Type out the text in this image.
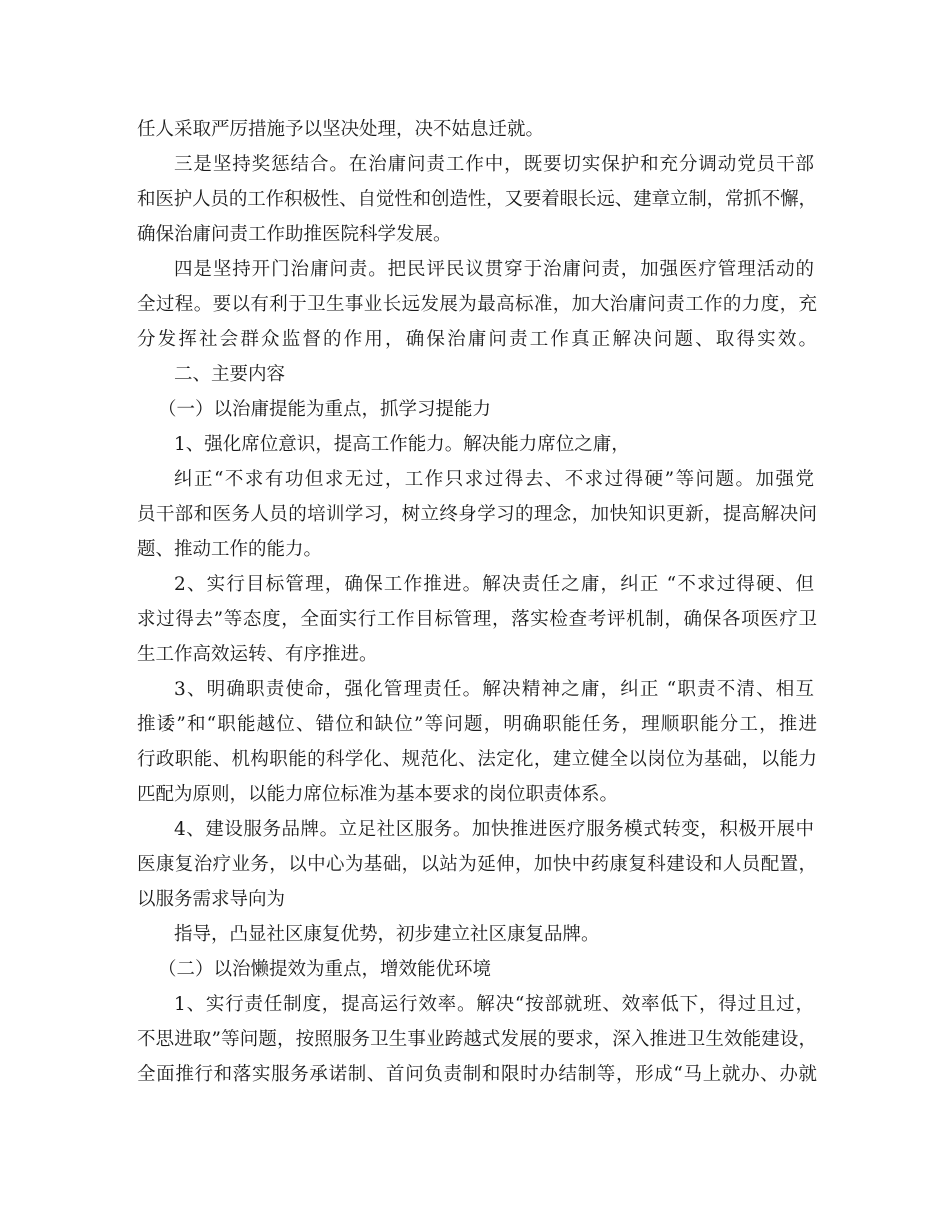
任人采取严厉措施予以坚决处理，决不姑息迁就。
三是坚持奖惩结合。在治庸问责工作中，既要切实保护和充分调动党员干部
和医护人员的工作积极性、自觉性和创造性，又要着眼长远、建章立制，常抓不懈，
确保治庸问责工作助推医院科学发展。
四是坚持开门治庸问责。把民评民议贯穿于治庸问责，加强医疗管理活动的
全过程。要以有利于卫生事业长远发展为最高标准，加大治庸问责工作的力度，充
分发挥社会群众监督的作用，确保治庸问责工作真正解决问题、取得实效。
二、主要内容
（一）以治庸提能为重点，抓学习提能力
1、强化席位意识，提高工作能力。解决能力席位之庸，
纠正“不求有功但求无过，工作只求过得去、不求过得硬”等问题。加强党
员干部和医务人员的培训学习，树立终身学习的理念，加快知识更新，提高解决问
题、推动工作的能力。
2、实行目标管理，确保工作推进。解决责任之庸，纠正 “不求过得硬、但
求过得去”等态度，全面实行工作目标管理，落实检查考评机制，确保各项医疗卫
生工作高效运转、有序推进。
3、明确职责使命，强化管理责任。解决精神之庸，纠正 “职责不清、相互
推诿”和“职能越位、错位和缺位”等问题，明确职能任务，理顺职能分工，推进
行政职能、机构职能的科学化、规范化、法定化，建立健全以岗位为基础，以能力
匹配为原则，以能力席位标准为基本要求的岗位职责体系。
4、建设服务品牌。立足社区服务。加快推进医疗服务模式转变，积极开展中
医康复治疗业务，以中心为基础，以站为延伸，加快中药康复科建设和人员配置，
以服务需求导向为
指导，凸显社区康复优势，初步建立社区康复品牌。
（二）以治懒提效为重点，增效能优环境
1、实行责任制度，提高运行效率。解决“按部就班、效率低下，得过且过，
不思进取”等问题，按照服务卫生事业跨越式发展的要求，深入推进卫生效能建设，
全面推行和落实服务承诺制、首问负责制和限时办结制等，形成“马上就办、办就
